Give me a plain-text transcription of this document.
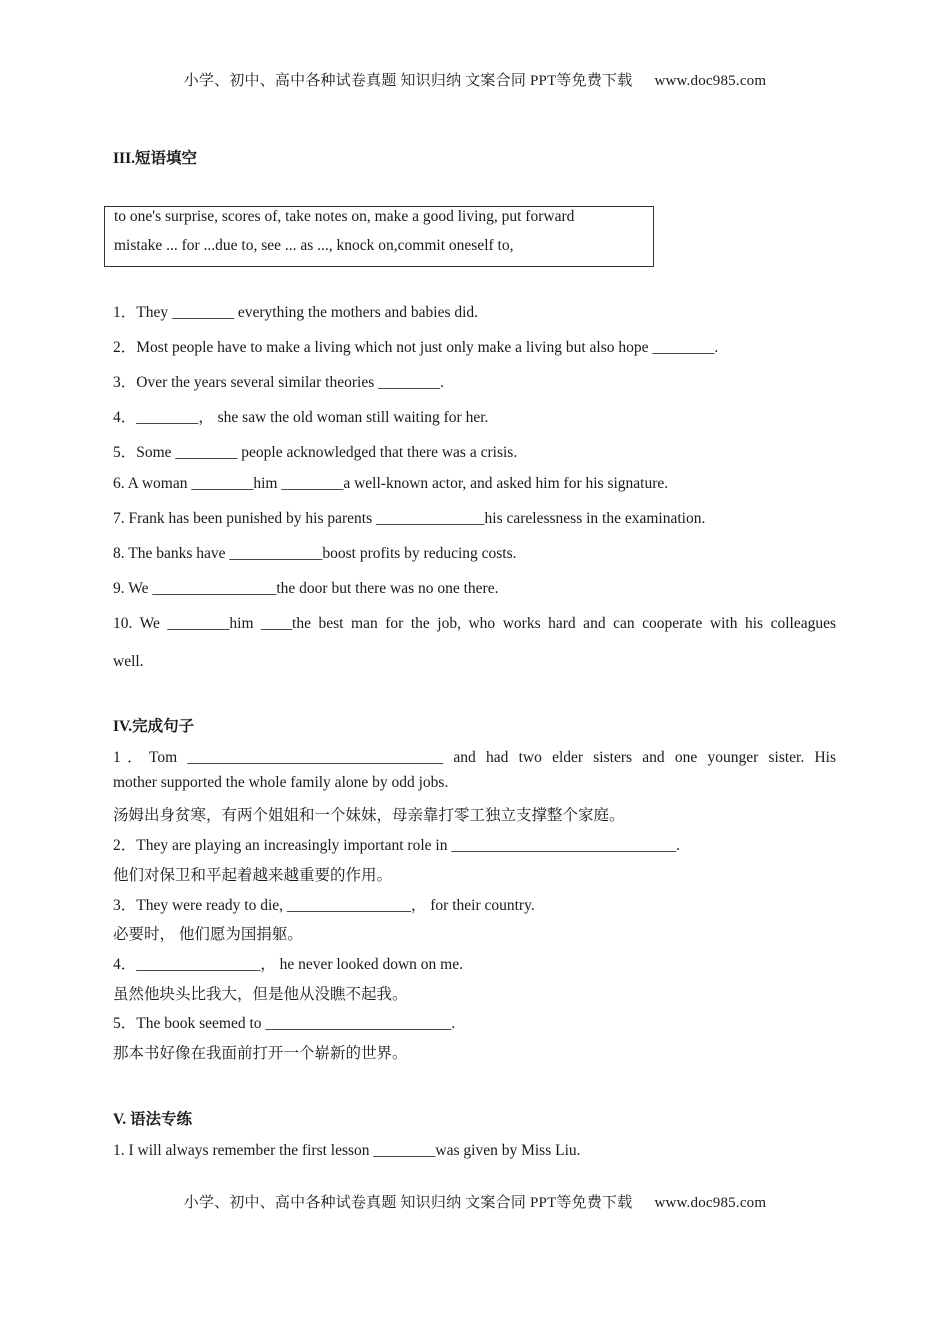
小学、初中、高中各种试卷真题 知识归纳 文案合同 PPT等免费下载 www.doc985.com
III.短语填空
to one's surprise, scores of, take notes on, make a good living, put forward
mistake ... for ...due to, see ... as ..., knock on,commit oneself to,
1．They ________ everything the mothers and babies did.
2．Most people have to make a living which not just only make a living but also hope ________.
3．Over the years several similar theories ________.
4．________， she saw the old woman still waiting for her.
5．Some ________ people acknowledged that there was a crisis.
6. A woman ________him ________a well-known actor, and asked him for his signature.
7. Frank has been punished by his parents ______________his carelessness in the examination.
8. The banks have ____________boost profits by reducing costs.
9. We ________________the door but there was no one there.
10. We ________him ____the best man for the job, who works hard and can cooperate with his colleagues
well.
IV.完成句子
1．Tom _________________________________ and had two elder sisters and one younger sister. His
mother supported the whole family alone by odd jobs.
汤姆出身贫寒，有两个姐姐和一个妹妹，母亲靠打零工独立支撑整个家庭。
2．They are playing an increasingly important role in _____________________________.
他们对保卫和平起着越来越重要的作用。
3．They were ready to die, ________________， for their country.
必要时， 他们愿为国捐躯。
4．________________， he never looked down on me.
虽然他块头比我大，但是他从没瞧不起我。
5．The book seemed to ________________________.
那本书好像在我面前打开一个崭新的世界。
V. 语法专练
1. I will always remember the first lesson ________was given by Miss Liu.
小学、初中、高中各种试卷真题 知识归纳 文案合同 PPT等免费下载 www.doc985.com
